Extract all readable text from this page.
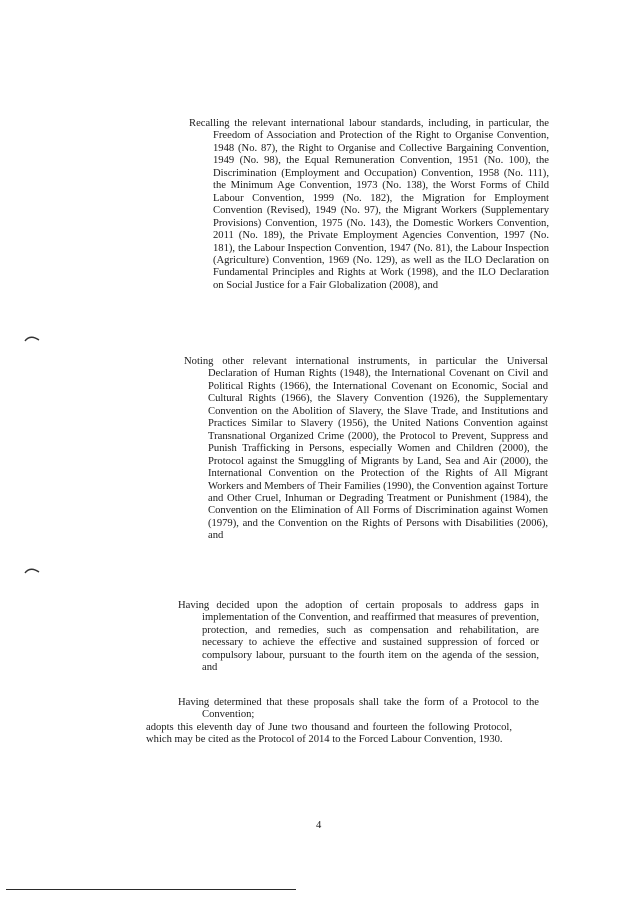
Recalling the relevant international labour standards, including, in particular, the Freedom of Association and Protection of the Right to Organise Convention, 1948 (No. 87), the Right to Organise and Collective Bargaining Convention, 1949 (No. 98), the Equal Remuneration Convention, 1951 (No. 100), the Discrimination (Employment and Occupation) Convention, 1958 (No. 111), the Minimum Age Convention, 1973 (No. 138), the Worst Forms of Child Labour Convention, 1999 (No. 182), the Migration for Employment Convention (Revised), 1949 (No. 97), the Migrant Workers (Supplementary Provisions) Convention, 1975 (No. 143), the Domestic Workers Convention, 2011 (No. 189), the Private Employment Agencies Convention, 1997 (No. 181), the Labour Inspection Convention, 1947 (No. 81), the Labour Inspection (Agriculture) Convention, 1969 (No. 129), as well as the ILO Declaration on Fundamental Principles and Rights at Work (1998), and the ILO Declaration on Social Justice for a Fair Globalization (2008), and

Noting other relevant international instruments, in particular the Universal Declaration of Human Rights (1948), the International Covenant on Civil and Political Rights (1966), the International Covenant on Economic, Social and Cultural Rights (1966), the Slavery Convention (1926), the Supplementary Convention on the Abolition of Slavery, the Slave Trade, and Institutions and Practices Similar to Slavery (1956), the United Nations Convention against Transnational Organized Crime (2000), the Protocol to Prevent, Suppress and Punish Trafficking in Persons, especially Women and Children (2000), the Protocol against the Smuggling of Migrants by Land, Sea and Air (2000), the International Convention on the Protection of the Rights of All Migrant Workers and Members of Their Families (1990), the Convention against Torture and Other Cruel, Inhuman or Degrading Treatment or Punishment (1984), the Convention on the Elimination of All Forms of Discrimination against Women (1979), and the Convention on the Rights of Persons with Disabilities (2006), and

Having decided upon the adoption of certain proposals to address gaps in implementation of the Convention, and reaffirmed that measures of prevention, protection, and remedies, such as compensation and rehabilitation, are necessary to achieve the effective and sustained suppression of forced or compulsory labour, pursuant to the fourth item on the agenda of the session, and

Having determined that these proposals shall take the form of a Protocol to the Convention;

adopts this eleventh day of June two thousand and fourteen the following Protocol, which may be cited as the Protocol of 2014 to the Forced Labour Convention, 1930.

4
